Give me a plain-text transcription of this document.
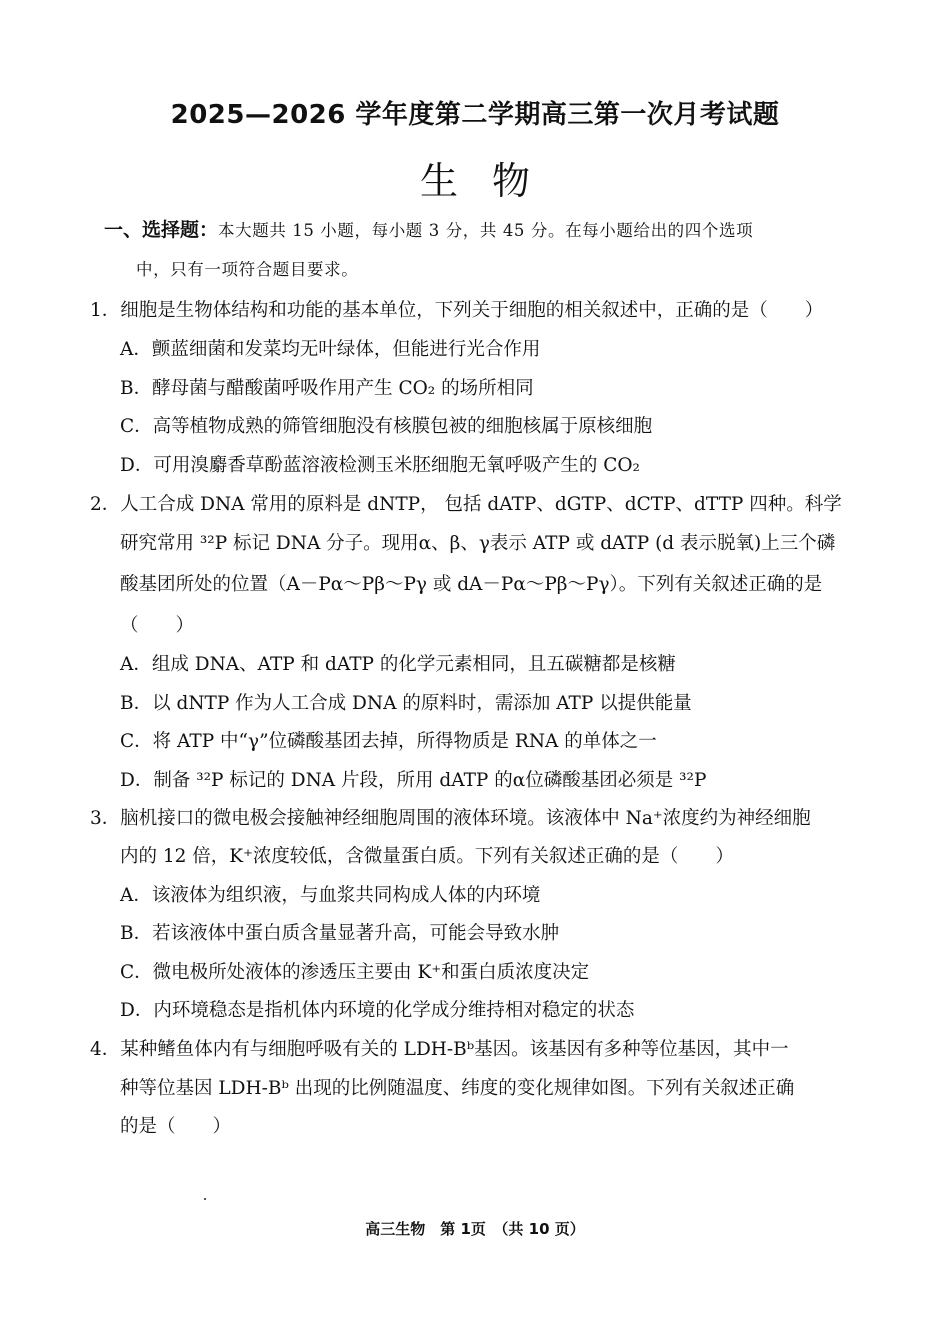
2025—2026 学年度第二学期高三第一次月考试题
生物
一、选择题：本大题共 15 小题，每小题 3 分，共 45 分。在每小题给出的四个选项
中，只有一项符合题目要求。
1．细胞是生物体结构和功能的基本单位，下列关于细胞的相关叙述中，正确的是（　　）
A．颤蓝细菌和发菜均无叶绿体，但能进行光合作用
B．酵母菌与醋酸菌呼吸作用产生 CO₂ 的场所相同
C．高等植物成熟的筛管细胞没有核膜包被的细胞核属于原核细胞
D．可用溴麝香草酚蓝溶液检测玉米胚细胞无氧呼吸产生的 CO₂
2．人工合成 DNA 常用的原料是 dNTP， 包括 dATP、dGTP、dCTP、dTTP 四种。科学
研究常用 ³²P 标记 DNA 分子。现用α、β、γ表示 ATP 或 dATP (d 表示脱氧)上三个磷
酸基团所处的位置（A－Pα～Pβ～Pγ 或 dA－Pα～Pβ～Pγ）。下列有关叙述正确的是
（　　）
A．组成 DNA、ATP 和 dATP 的化学元素相同，且五碳糖都是核糖
B．以 dNTP 作为人工合成 DNA 的原料时，需添加 ATP 以提供能量
C．将 ATP 中“γ”位磷酸基团去掉，所得物质是 RNA 的单体之一
D．制备 ³²P 标记的 DNA 片段，所用 dATP 的α位磷酸基团必须是 ³²P
3．脑机接口的微电极会接触神经细胞周围的液体环境。该液体中 Na⁺浓度约为神经细胞
内的 12 倍，K⁺浓度较低，含微量蛋白质。下列有关叙述正确的是（　　）
A．该液体为组织液，与血浆共同构成人体的内环境
B．若该液体中蛋白质含量显著升高，可能会导致水肿
C．微电极所处液体的渗透压主要由 K⁺和蛋白质浓度决定
D．内环境稳态是指机体内环境的化学成分维持相对稳定的状态
4．某种鳍鱼体内有与细胞呼吸有关的 LDH-Bᵇ基因。该基因有多种等位基因，其中一
种等位基因 LDH-Bᵇ 出现的比例随温度、纬度的变化规律如图。下列有关叙述正确
的是（　　）
高三生物　第 1页　（共 10 页）
